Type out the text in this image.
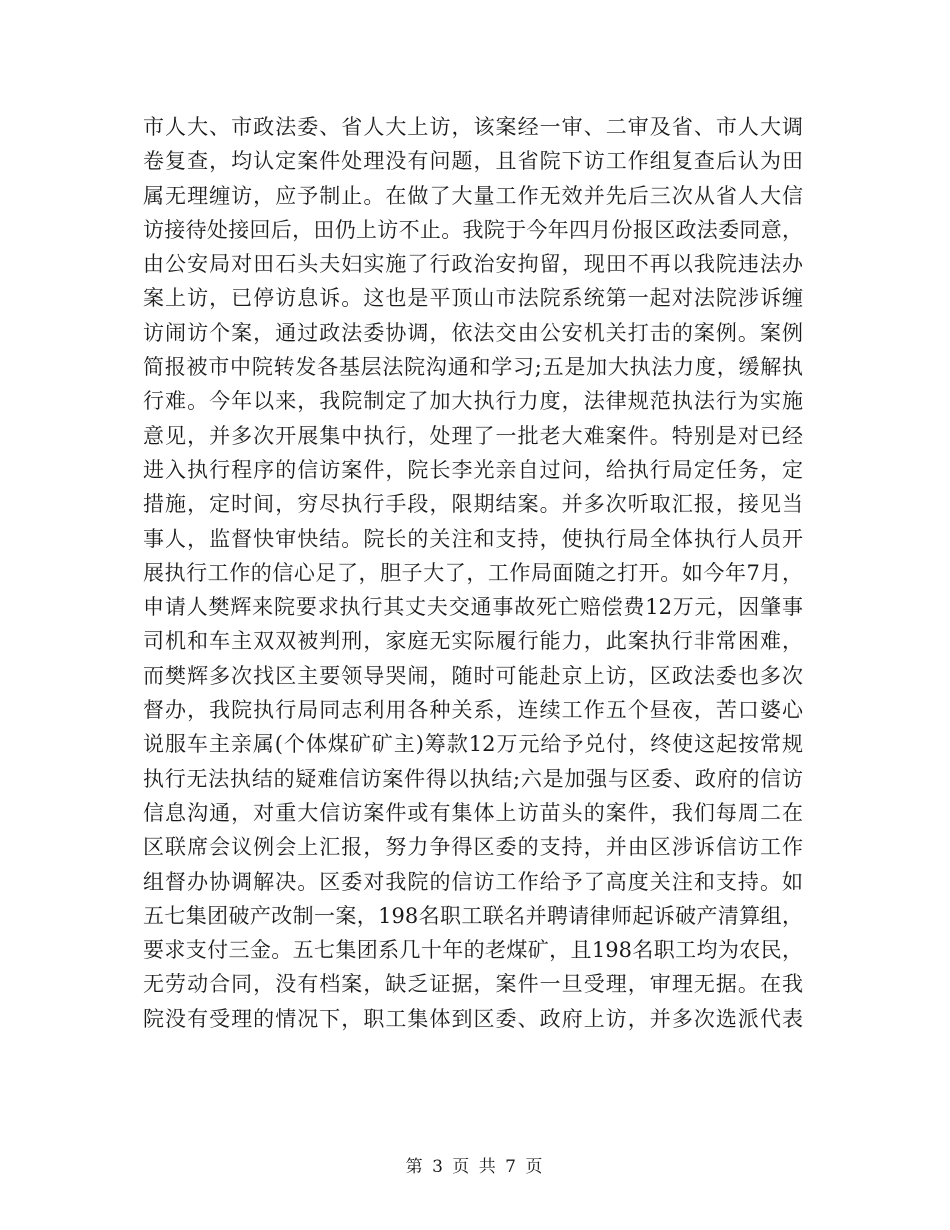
市人大、市政法委、省人大上访，该案经一审、二审及省、市人大调
卷复查，均认定案件处理没有问题，且省院下访工作组复查后认为田
属无理缠访，应予制止。在做了大量工作无效并先后三次从省人大信
访接待处接回后，田仍上访不止。我院于今年四月份报区政法委同意，
由公安局对田石头夫妇实施了行政治安拘留，现田不再以我院违法办
案上访，已停访息诉。这也是平顶山市法院系统第一起对法院涉诉缠
访闹访个案，通过政法委协调，依法交由公安机关打击的案例。案例
简报被市中院转发各基层法院沟通和学习;五是加大执法力度，缓解执
行难。今年以来，我院制定了加大执行力度，法律规范执法行为实施
意见，并多次开展集中执行，处理了一批老大难案件。特别是对已经
进入执行程序的信访案件，院长李光亲自过问，给执行局定任务，定
措施，定时间，穷尽执行手段，限期结案。并多次听取汇报，接见当
事人，监督快审快结。院长的关注和支持，使执行局全体执行人员开
展执行工作的信心足了，胆子大了，工作局面随之打开。如今年7月，
申请人樊辉来院要求执行其丈夫交通事故死亡赔偿费12万元，因肇事
司机和车主双双被判刑，家庭无实际履行能力，此案执行非常困难，
而樊辉多次找区主要领导哭闹，随时可能赴京上访，区政法委也多次
督办，我院执行局同志利用各种关系，连续工作五个昼夜，苦口婆心
说服车主亲属(个体煤矿矿主)筹款12万元给予兑付，终使这起按常规
执行无法执结的疑难信访案件得以执结;六是加强与区委、政府的信访
信息沟通，对重大信访案件或有集体上访苗头的案件，我们每周二在
区联席会议例会上汇报，努力争得区委的支持，并由区涉诉信访工作
组督办协调解决。区委对我院的信访工作给予了高度关注和支持。如
五七集团破产改制一案，198名职工联名并聘请律师起诉破产清算组，
要求支付三金。五七集团系几十年的老煤矿，且198名职工均为农民，
无劳动合同，没有档案，缺乏证据，案件一旦受理，审理无据。在我
院没有受理的情况下，职工集体到区委、政府上访，并多次选派代表
第 3 页 共 7 页
